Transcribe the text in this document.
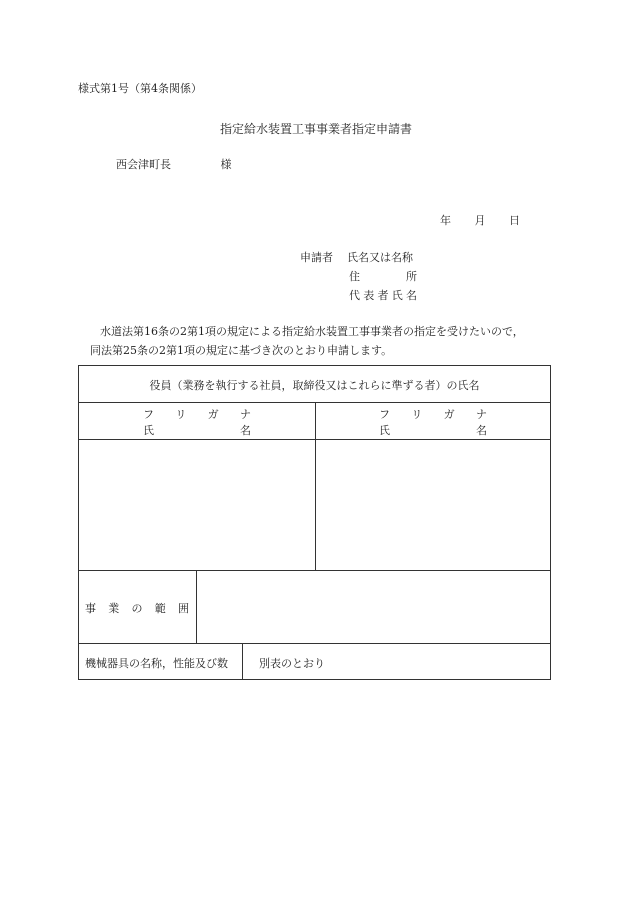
様式第1号（第4条関係）
指定給水装置工事事業者指定申請書
西会津町長	様
年 月 日
申請者 氏名又は名称
住	所
代 表 者 氏 名
水道法第16条の2第1項の規定による指定給水装置工事事業者の指定を受けたいので，
同法第25条の2第1項の規定に基づき次のとおり申請します。
役員（業務を執行する社員，取締役又はこれらに準ずる者）の氏名
フ リ ガ ナ
氏	名
フ リ ガ ナ
氏	名
事 業 の 範 囲
機械器具の名称，性能及び数	別表のとおり
